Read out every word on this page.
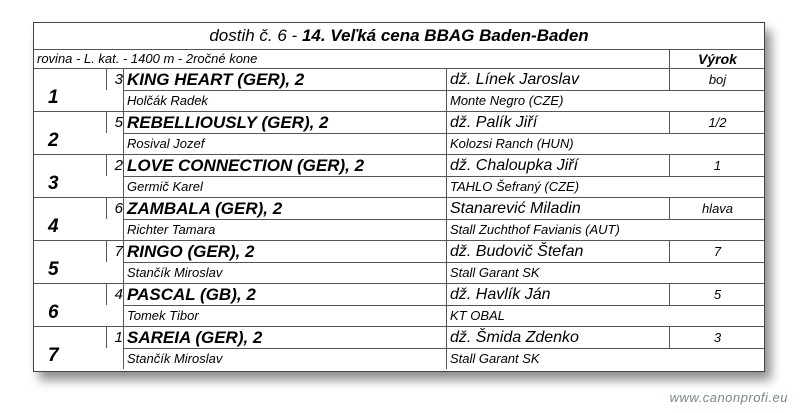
dostih č. 6 - 14. Veľká cena BBAG Baden-Baden
rovina - L. kat. - 1400 m - 2ročné kone	Výrok
1
3 KING HEART (GER), 2	dž. Línek Jaroslav	boj
Holčák Radek	Monte Negro (CZE)
2
5 REBELLIOUSLY (GER), 2	dž. Palík Jiří	1/2
Rosival Jozef	Kolozsi Ranch (HUN)
3
2 LOVE CONNECTION (GER), 2	dž. Chaloupka Jiří	1
Germič Karel	TAHLO Šefraný (CZE)
4
6 ZAMBALA (GER), 2	Stanarević Miladin	hlava
Richter Tamara	Stall Zuchthof Favianis (AUT)
5
7 RINGO (GER), 2	dž. Budovič Štefan	7
Stančík Miroslav	Stall Garant SK
6
4 PASCAL (GB), 2	dž. Havlík Ján	5
Tomek Tibor	KT OBAL
7
1 SAREIA (GER), 2	dž. Šmida Zdenko	3
Stančík Miroslav	Stall Garant SK
www.canonprofi.eu
